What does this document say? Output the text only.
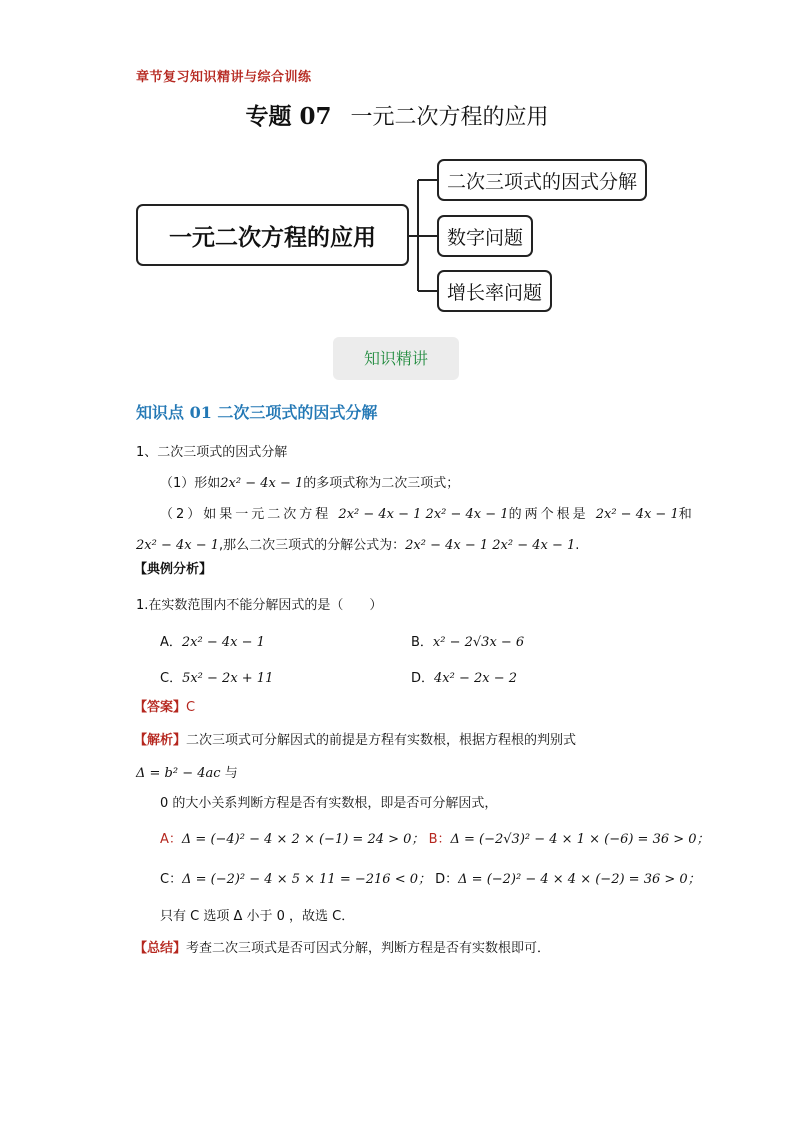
章节复习知识精讲与综合训练
专题 07 一元二次方程的应用
一元二次方程的应用
二次三项式的因式分解
数字问题
增长率问题
知识精讲
知识点 01 二次三项式的因式分解
1、二次三项式的因式分解
（1）形如2x² − 4x − 1的多项式称为二次三项式；
（2）如果一元二次方程 2x² − 4x − 1 2x² − 4x − 1的两个根是 2x² − 4x − 1和
2x² − 4x − 1,那么二次三项式的分解公式为：2x² − 4x − 1 2x² − 4x − 1.
【典例分析】
1.在实数范围内不能分解因式的是（　　）
A．2x² − 4x − 1	B．x² − 2√3x − 6
C．5x² − 2x + 11	D．4x² − 2x − 2
【答案】C
【解析】二次三项式可分解因式的前提是方程有实数根，根据方程根的判别式
Δ = b² − 4ac 与
0 的大小关系判断方程是否有实数根，即是否可分解因式，
A：Δ = (−4)² − 4 × 2 × (−1) = 24 > 0； B：Δ = (−2√3)² − 4 × 1 × (−6) = 36 > 0；
C：Δ = (−2)² − 4 × 5 × 11 = −216 < 0； D：Δ = (−2)² − 4 × 4 × (−2) = 36 > 0；
只有 C 选项 Δ 小于 0 ，故选 C．
【总结】考查二次三项式是否可因式分解，判断方程是否有实数根即可．
